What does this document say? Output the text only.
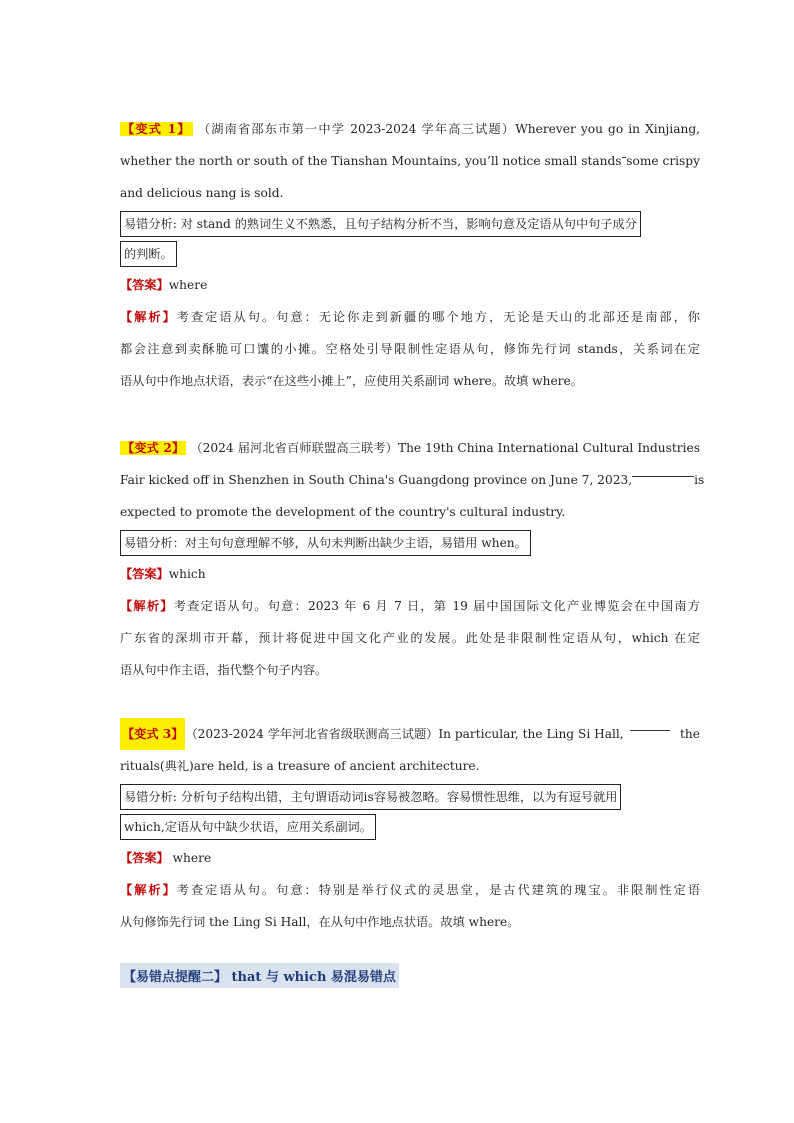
【变式 1】 （湖南省邵东市第一中学 2023-2024 学年高三试题）Wherever you go in Xinjiang,
whether the north or south of the Tianshan Mountains, you’ll notice small stands some crispy
and delicious nang is sold.
易错分析: 对 stand 的熟词生义不熟悉，且句子结构分析不当，影响句意及定语从句中句子成分
的判断。
【答案】where
【解析】考查定语从句。句意：无论你走到新疆的哪个地方，无论是天山的北部还是南部，你
都会注意到卖酥脆可口馕的小摊。空格处引导限制性定语从句，修饰先行词 stands，关系词在定
语从句中作地点状语，表示“在这些小摊上”，应使用关系副词 where。故填 where。
【变式 2】 （2024 届河北省百师联盟高三联考）The 19th China International Cultural Industries
Fair kicked off in Shenzhen in South China's Guangdong province on June 7, 2023,	is
expected to promote the development of the country's cultural industry.
易错分析：对主句句意理解不够，从句未判断出缺少主语，易错用 when。
【答案】which
【解析】考查定语从句。句意：2023 年 6 月 7 日，第 19 届中国国际文化产业博览会在中国南方
广东省的深圳市开幕，预计将促进中国文化产业的发展。此处是非限制性定语从句，which 在定
语从句中作主语，指代整个句子内容。
【变式 3】 （2023-2024 学年河北省省级联测高三试题）In particular, the Ling Si Hall,	the
rituals(典礼)are held, is a treasure of ancient architecture.
易错分析: 分析句子结构出错，主句谓语动词is容易被忽略。容易惯性思维，以为有逗号就用
which,定语从句中缺少状语，应用关系副词。
【答案】 where
【解析】考查定语从句。句意：特别是举行仪式的灵思堂，是古代建筑的瑰宝。非限制性定语
从句修饰先行词 the Ling Si Hall，在从句中作地点状语。故填 where。
【易错点提醒二】 that 与 which 易混易错点
